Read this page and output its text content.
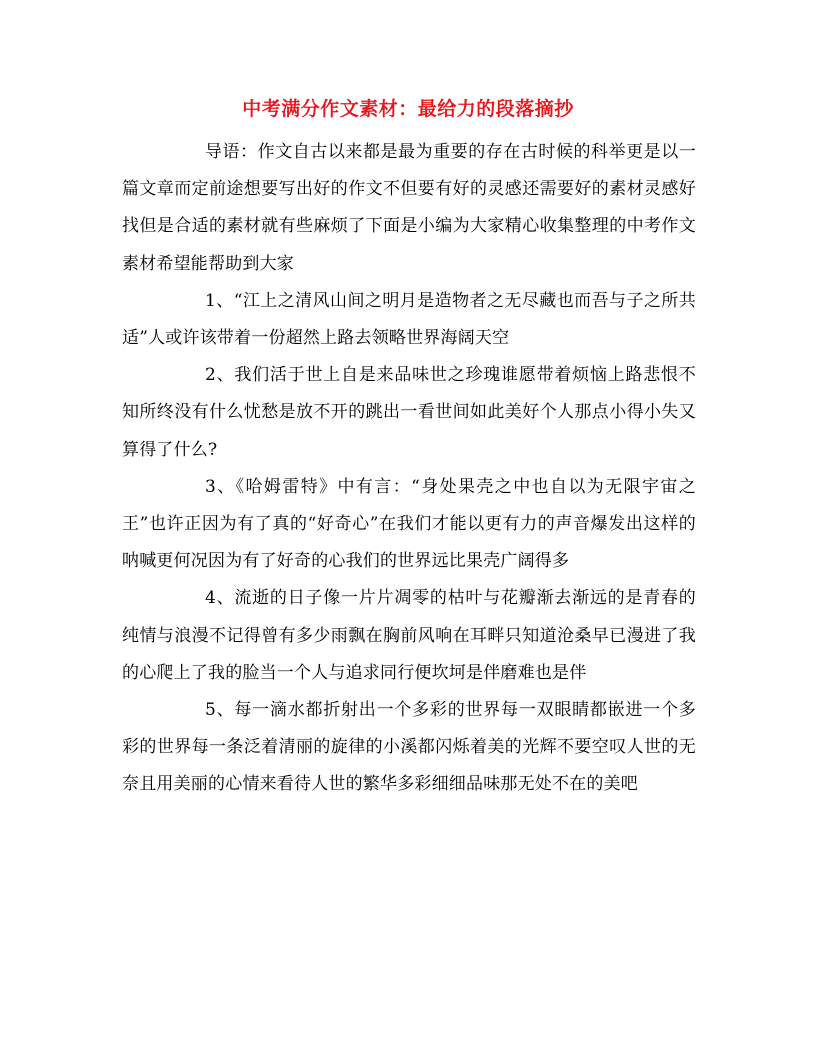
中考满分作文素材：最给力的段落摘抄

导语：作文自古以来都是最为重要的存在古时候的科举更是以一篇文章而定前途想要写出好的作文不但要有好的灵感还需要好的素材灵感好找但是合适的素材就有些麻烦了下面是小编为大家精心收集整理的中考作文素材希望能帮助到大家

1、“江上之清风山间之明月是造物者之无尽藏也而吾与子之所共适”人或许该带着一份超然上路去领略世界海阔天空

2、我们活于世上自是来品味世之珍瑰谁愿带着烦恼上路悲恨不知所终没有什么忧愁是放不开的跳出一看世间如此美好个人那点小得小失又算得了什么?

3、《哈姆雷特》中有言：“身处果壳之中也自以为无限宇宙之王”也许正因为有了真的“好奇心”在我们才能以更有力的声音爆发出这样的呐喊更何况因为有了好奇的心我们的世界远比果壳广阔得多

4、流逝的日子像一片片凋零的枯叶与花瓣渐去渐远的是青春的纯情与浪漫不记得曾有多少雨飘在胸前风响在耳畔只知道沧桑早已漫进了我的心爬上了我的脸当一个人与追求同行便坎坷是伴磨难也是伴

5、每一滴水都折射出一个多彩的世界每一双眼睛都嵌进一个多彩的世界每一条泛着清丽的旋律的小溪都闪烁着美的光辉不要空叹人世的无奈且用美丽的心情来看待人世的繁华多彩细细品味那无处不在的美吧
